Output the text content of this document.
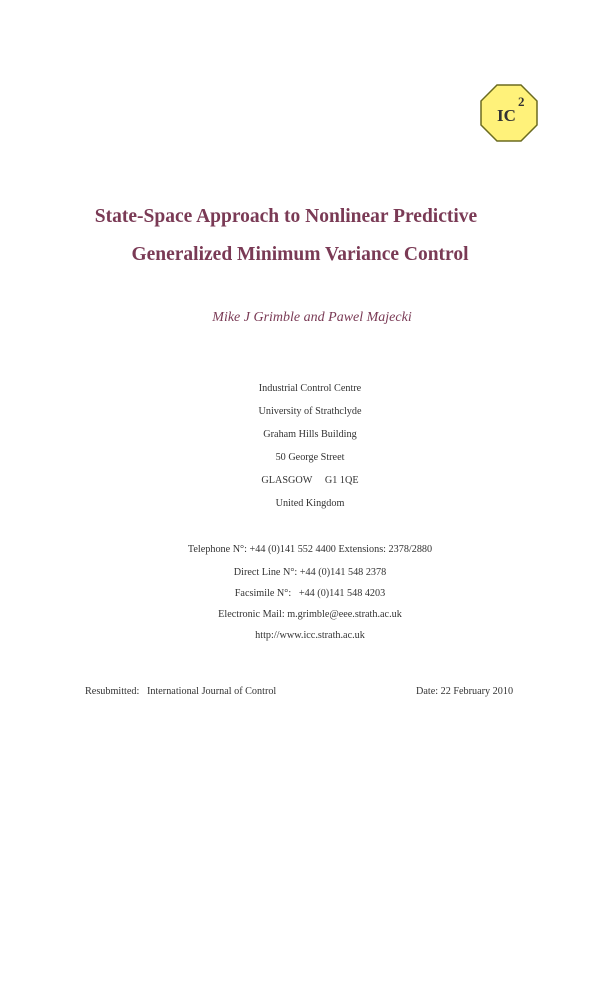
IC
2
State-Space Approach to Nonlinear Predictive
Generalized Minimum Variance Control
Mike J Grimble and Pawel Majecki
Industrial Control Centre
University of Strathclyde
Graham Hills Building
50 George Street
GLASGOW     G1 1QE
United Kingdom
Telephone N°: +44 (0)141 552 4400 Extensions: 2378/2880
Direct Line N°: +44 (0)141 548 2378
Facsimile N°:   +44 (0)141 548 4203
Electronic Mail: m.grimble@eee.strath.ac.uk
http://www.icc.strath.ac.uk
Resubmitted:   International Journal of Control	Date: 22 February 2010
